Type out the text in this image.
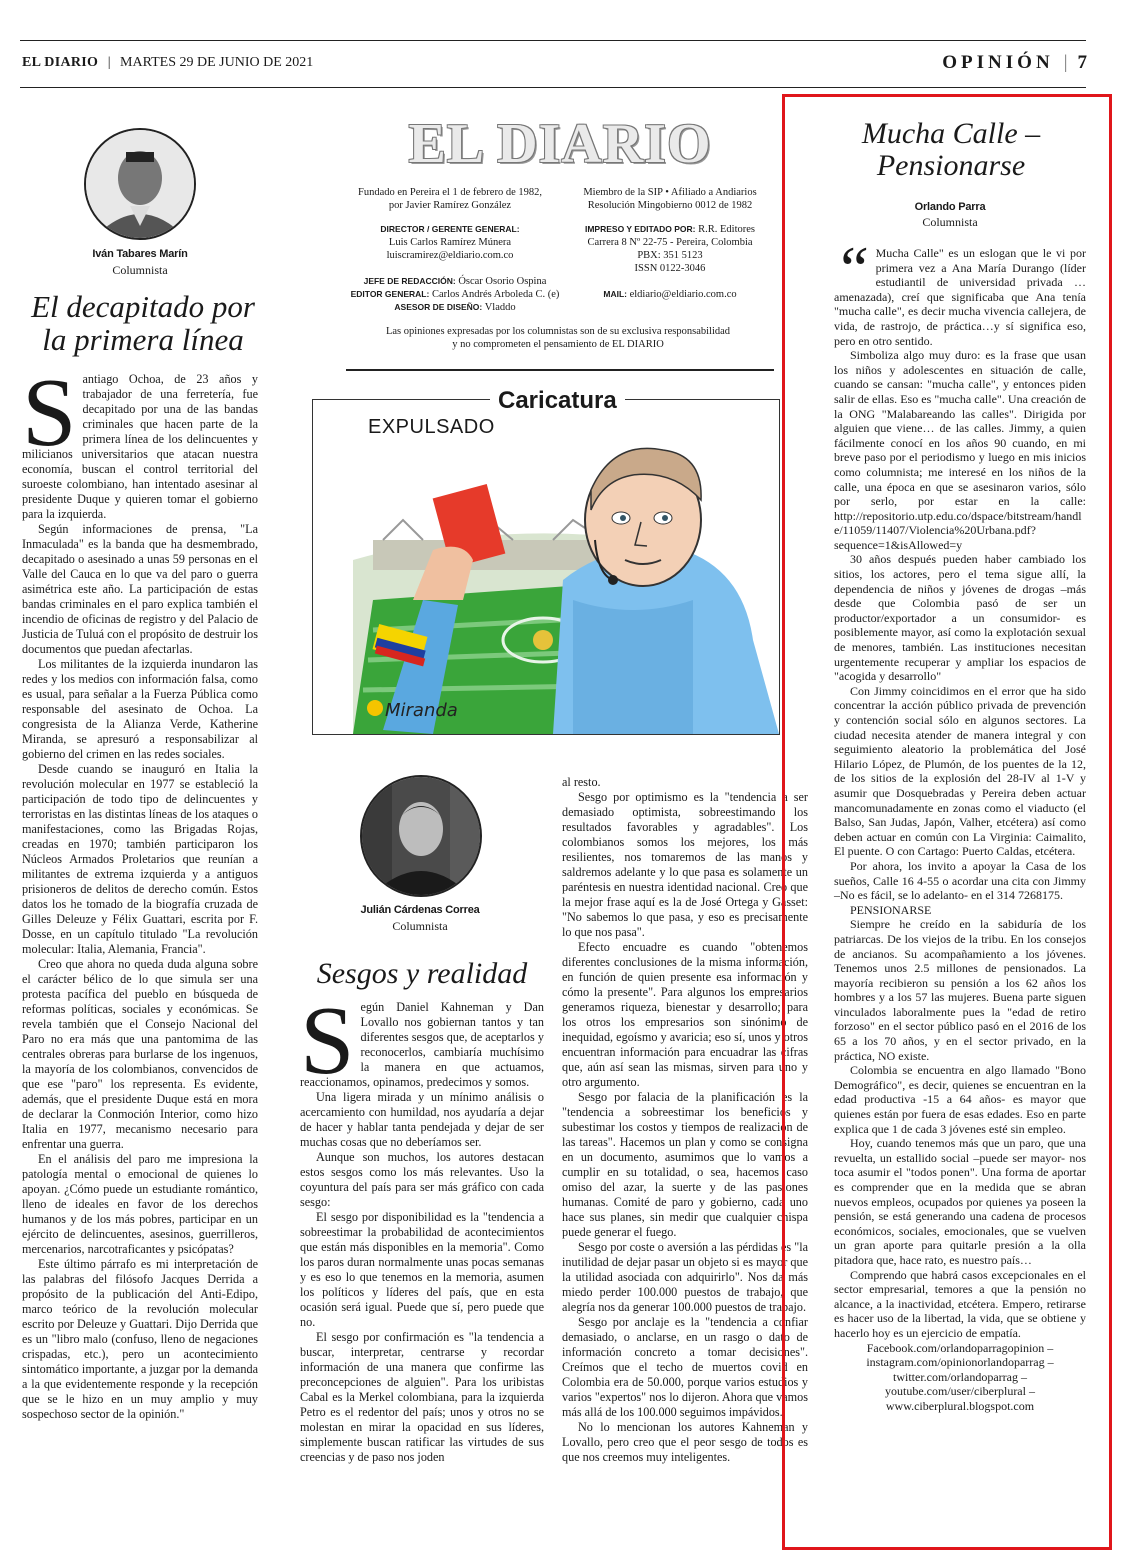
EL DIARIO | MARTES 29 DE JUNIO DE 2021	OPINIÓN | 7
Iván Tabares Marín
Columnista
El decapitado por
la primera línea

Santiago Ochoa, de 23 años y trabajador de una ferretería, fue decapitado por una de las bandas criminales que hacen parte de la primera línea de los delincuentes y milicianos universitarios que atacan nuestra economía, buscan el control territorial del suroeste colombiano, han intentado asesinar al presidente Duque y quieren tomar el gobierno para la izquierda.

Según informaciones de prensa, "La Inmaculada" es la banda que ha desmembrado, decapitado o asesinado a unas 59 personas en el Valle del Cauca en lo que va del paro o guerra asimétrica este año. La participación de estas bandas criminales en el paro explica también el incendio de oficinas de registro y del Palacio de Justicia de Tuluá con el propósito de destruir los documentos que puedan afectarlas.

Los militantes de la izquierda inundaron las redes y los medios con información falsa, como es usual, para señalar a la Fuerza Pública como responsable del asesinato de Ochoa. La congresista de la Alianza Verde, Katherine Miranda, se apresuró a responsabilizar al gobierno del crimen en las redes sociales.

Desde cuando se inauguró en Italia la revolución molecular en 1977 se estableció la participación de todo tipo de delincuentes y terroristas en las distintas líneas de los ataques o manifestaciones, como las Brigadas Rojas, creadas en 1970; también participaron los Núcleos Armados Proletarios que reunían a militantes de extrema izquierda y a antiguos prisioneros de delitos de derecho común. Estos datos los he tomado de la biografía cruzada de Gilles Deleuze y Félix Guattari, escrita por F. Dosse, en un capítulo titulado "La revolución molecular: Italia, Alemania, Francia".

Creo que ahora no queda duda alguna sobre el carácter bélico de lo que simula ser una protesta pacífica del pueblo en búsqueda de reformas políticas, sociales y económicas. Se revela también que el Consejo Nacional del Paro no era más que una pantomima de las centrales obreras para burlarse de los ingenuos, la mayoría de los colombianos, convencidos de que ese "paro" los representa. Es evidente, además, que el presidente Duque está en mora de declarar la Conmoción Interior, como hizo Italia en 1977, mecanismo necesario para enfrentar una guerra.

En el análisis del paro me impresiona la patología mental o emocional de quienes lo apoyan. ¿Cómo puede un estudiante romántico, lleno de ideales en favor de los derechos humanos y de los más pobres, participar en un ejército de delincuentes, asesinos, guerrilleros, mercenarios, narcotraficantes y psicópatas?

Este último párrafo es mi interpretación de las palabras del filósofo Jacques Derrida a propósito de la publicación del Anti-Edipo, marco teórico de la revolución molecular escrito por Deleuze y Guattari. Dijo Derrida que es un "libro malo (confuso, lleno de negaciones crispadas, etc.), pero un acontecimiento sintomático importante, a juzgar por la demanda a la que evidentemente responde y la recepción que se le hizo en un muy amplio y muy sospechoso sector de la opinión."

EL DIARIO
Fundado en Pereira el 1 de febrero de 1982,
por Javier Ramírez González
Miembro de la SIP • Afiliado a Andiarios
Resolución Mingobierno 0012 de 1982
DIRECTOR / GERENTE GENERAL:
Luis Carlos Ramírez Múnera
luiscramirez@eldiario.com.co
IMPRESO Y EDITADO POR: R.R. Editores
Carrera 8 Nº 22-75 - Pereira, Colombia
PBX: 351 5123
ISSN 0122-3046
JEFE DE REDACCIÓN: Óscar Osorio Ospina
EDITOR GENERAL: Carlos Andrés Arboleda C. (e)
ASESOR DE DISEÑO: Vladdo
MAIL: eldiario@eldiario.com.co
Las opiniones expresadas por los columnistas son de su exclusiva responsabilidad
y no comprometen el pensamiento de EL DIARIO
Miranda
EXPULSADO
Caricatura
Julián Cárdenas Correa
Columnista
Sesgos y realidad

Según Daniel Kahneman y Dan Lovallo nos gobiernan tantos y tan diferentes sesgos que, de aceptarlos y reconocerlos, cambiaría muchísimo la manera en que actuamos, reaccionamos, opinamos, predecimos y somos.

Una ligera mirada y un mínimo análisis o acercamiento con humildad, nos ayudaría a dejar de hacer y hablar tanta pendejada y dejar de ser muchas cosas que no deberíamos ser.

Aunque son muchos, los autores destacan estos sesgos como los más relevantes. Uso la coyuntura del país para ser más gráfico con cada sesgo:

El sesgo por disponibilidad es la "tendencia a sobreestimar la probabilidad de acontecimientos que están más disponibles en la memoria". Como los paros duran normalmente unas pocas semanas y es eso lo que tenemos en la memoria, asumen los políticos y líderes del país, que en esta ocasión será igual. Puede que sí, pero puede que no.

El sesgo por confirmación es "la tendencia a buscar, interpretar, centrarse y recordar información de una manera que confirme las preconcepciones de alguien". Para los uribistas Cabal es la Merkel colombiana, para la izquierda Petro es el redentor del país; unos y otros no se molestan en mirar la opacidad en sus líderes, simplemente buscan ratificar las virtudes de sus creencias y de paso nos joden

al resto.

Sesgo por optimismo es la "tendencia a ser demasiado optimista, sobreestimando los resultados favorables y agradables". Los colombianos somos los mejores, los más resilientes, nos tomaremos de las manos y saldremos adelante y lo que pasa es solamente un paréntesis en nuestra identidad nacional. Creo que la mejor frase aquí es la de José Ortega y Gasset: "No sabemos lo que pasa, y eso es precisamente lo que nos pasa".

Efecto encuadre es cuando "obtenemos diferentes conclusiones de la misma información, en función de quien presente esa información y cómo la presente". Para algunos los empresarios generamos riqueza, bienestar y desarrollo; para los otros los empresarios son sinónimo de inequidad, egoísmo y avaricia; eso sí, unos y otros encuentran información para encuadrar las cifras que, aún así sean las mismas, sirven para uno y otro argumento.

Sesgo por falacia de la planificación es la "tendencia a sobreestimar los beneficios y subestimar los costos y tiempos de realización de las tareas". Hacemos un plan y como se consigna en un documento, asumimos que lo vamos a cumplir en su totalidad, o sea, hacemos caso omiso del azar, la suerte y de las pasiones humanas. Comité de paro y gobierno, cada uno hace sus planes, sin medir que cualquier chispa puede generar el fuego.

Sesgo por coste o aversión a las pérdidas es "la inutilidad de dejar pasar un objeto si es mayor que la utilidad asociada con adquirirlo". Nos da más miedo perder 100.000 puestos de trabajo, que alegría nos da generar 100.000 puestos de trabajo.

Sesgo por anclaje es la "tendencia a confiar demasiado, o anclarse, en un rasgo o dato de información concreto a tomar decisiones". Creímos que el techo de muertos covid en Colombia era de 50.000, porque varios estudios y varios "expertos" nos lo dijeron. Ahora que vamos más allá de los 100.000 seguimos impávidos.

No lo mencionan los autores Kahneman y Lovallo, pero creo que el peor sesgo de todos es que nos creemos muy inteligentes.

Mucha Calle –
Pensionarse
Orlando Parra
Columnista

“ Mucha Calle" es un eslogan que le vi por primera vez a Ana María Durango (líder estudiantil de universidad privada … amenazada), creí que significaba que Ana tenía "mucha calle", es decir mucha vivencia callejera, de vida, de rastrojo, de práctica…y sí significa eso, pero en otro sentido.

Simboliza algo muy duro: es la frase que usan los niños y adolescentes en situación de calle, cuando se cansan: "mucha calle", y entonces piden salir de ellas. Eso es "mucha calle". Una creación de la ONG "Malabareando las calles". Dirigida por alguien que viene… de las calles. Jimmy, a quien fácilmente conocí en los años 90 cuando, en mi breve paso por el periodismo y luego en mis inicios como columnista; me interesé en los niños de la calle, una época en que se asesinaron varios, sólo por serlo, por estar en la calle: http://repositorio.utp.edu.co/dspace/bitstream/handle/11059/11407/Violencia%20Urbana.pdf?sequence=1&isAllowed=y

30 años después pueden haber cambiado los sitios, los actores, pero el tema sigue allí, la dependencia de niños y jóvenes de drogas –más desde que Colombia pasó de ser un productor/exportador a un consumidor- es posiblemente mayor, así como la explotación sexual de menores, también. Las instituciones necesitan urgentemente recuperar y ampliar los espacios de "acogida y desarrollo"

Con Jimmy coincidimos en el error que ha sido concentrar la acción público privada de prevención y contención social sólo en algunos sectores. La ciudad necesita atender de manera integral y con seguimiento aleatorio la problemática del José Hilario López, de Plumón, de los puentes de la 12, de los sitios de la explosión del 28-IV al 1-V y asumir que Dosquebradas y Pereira deben actuar mancomunadamente en zonas como el viaducto (el Balso, San Judas, Japón, Valher, etcétera) así como deben actuar en común con La Virginia: Caimalito, El puente. O con Cartago: Puerto Caldas, etcétera.

Por ahora, los invito a apoyar la Casa de los sueños, Calle 16 4-55 o acordar una cita con Jimmy –No es fácil, se lo adelanto- en el 314 7268175.

PENSIONARSE

Siempre he creído en la sabiduría de los patriarcas. De los viejos de la tribu. En los consejos de ancianos. Su acompañamiento a los jóvenes. Tenemos unos 2.5 millones de pensionados. La mayoría recibieron su pensión a los 62 años los hombres y a los 57 las mujeres. Buena parte siguen vinculados laboralmente pues la "edad de retiro forzoso" en el sector público pasó en el 2016 de los 65 a los 70 años, y en el sector privado, en la práctica, NO existe.

Colombia se encuentra en algo llamado "Bono Demográfico", es decir, quienes se encuentran en la edad productiva -15 a 64 años- es mayor que quienes están por fuera de esas edades. Eso en parte explica que 1 de cada 3 jóvenes esté sin empleo.

Hoy, cuando tenemos más que un paro, que una revuelta, un estallido social –puede ser mayor- nos toca asumir el "todos ponen". Una forma de aportar es comprender que en la medida que se abran nuevos empleos, ocupados por quienes ya poseen la pensión, se está generando una cadena de procesos económicos, sociales, emocionales, que se vuelven un gran aporte para quitarle presión a la olla pitadora que, hace rato, es nuestro país…

Comprendo que habrá casos excepcionales en el sector empresarial, temores a que la pensión no alcance, a la inactividad, etcétera. Empero, retirarse es hacer uso de la libertad, la vida, que se obtiene y hacerlo hoy es un ejercicio de empatía.

Facebook.com/orlandoparragopinion – instagram.com/opinionorlandoparrag – twitter.com/orlandoparrag – youtube.com/user/ciberplural – www.ciberplural.blogspot.com
